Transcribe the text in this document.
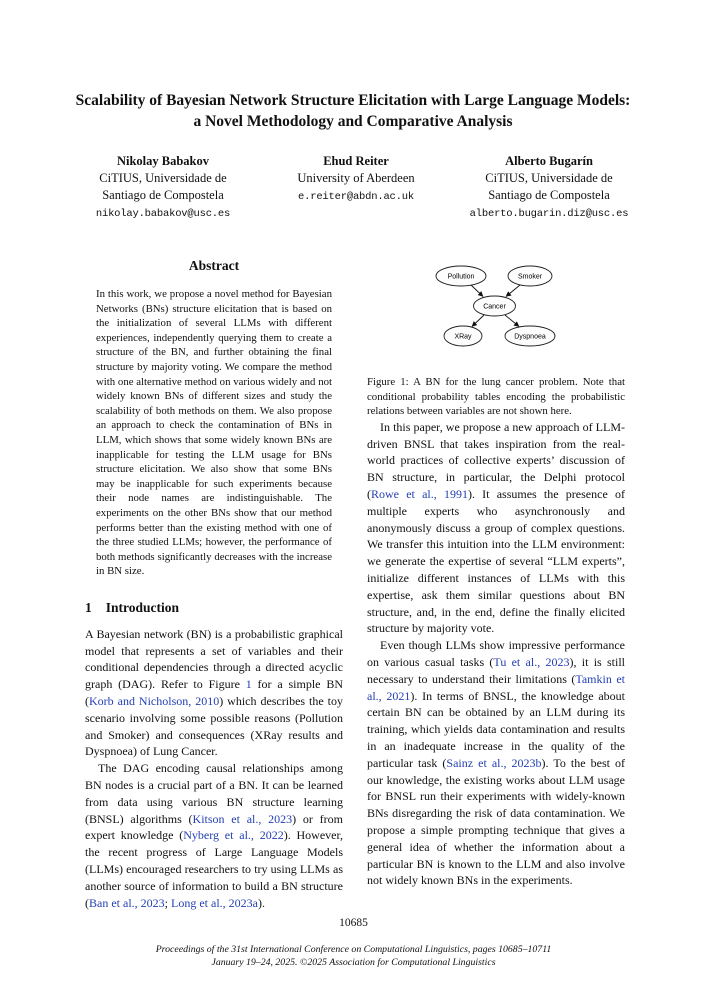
Scalability of Bayesian Network Structure Elicitation with Large Language Models: a Novel Methodology and Comparative Analysis
Nikolay Babakov
CiTIUS, Universidade de
Santiago de Compostela
nikolay.babakov@usc.es
Ehud Reiter
University of Aberdeen
e.reiter@abdn.ac.uk
Alberto Bugarín
CiTIUS, Universidade de
Santiago de Compostela
alberto.bugarin.diz@usc.es
Abstract
In this work, we propose a novel method for Bayesian Networks (BNs) structure elicitation that is based on the initialization of several LLMs with different experiences, independently querying them to create a structure of the BN, and further obtaining the final structure by majority voting. We compare the method with one alternative method on various widely and not widely known BNs of different sizes and study the scalability of both methods on them. We also propose an approach to check the contamination of BNs in LLM, which shows that some widely known BNs are inapplicable for testing the LLM usage for BNs structure elicitation. We also show that some BNs may be inapplicable for such experiments because their node names are indistinguishable. The experiments on the other BNs show that our method performs better than the existing method with one of the three studied LLMs; however, the performance of both methods significantly decreases with the increase in BN size.
1 Introduction

A Bayesian network (BN) is a probabilistic graphical model that represents a set of variables and their conditional dependencies through a directed acyclic graph (DAG). Refer to Figure 1 for a simple BN (Korb and Nicholson, 2010) which describes the toy scenario involving some possible reasons (Pollution and Smoker) and consequences (XRay results and Dyspnoea) of Lung Cancer.

The DAG encoding causal relationships among BN nodes is a crucial part of a BN. It can be learned from data using various BN structure learning (BNSL) algorithms (Kitson et al., 2023) or from expert knowledge (Nyberg et al., 2022). However, the recent progress of Large Language Models (LLMs) encouraged researchers to try using LLMs as another source of information to build a BN structure (Ban et al., 2023; Long et al., 2023a).

Pollution	Smoker
Cancer
XRay	Dyspnoea
Figure 1: A BN for the lung cancer problem. Note that conditional probability tables encoding the probabilistic relations between variables are not shown here.

In this paper, we propose a new approach of LLM-driven BNSL that takes inspiration from the real-world practices of collective experts’ discussion of BN structure, in particular, the Delphi protocol (Rowe et al., 1991). It assumes the presence of multiple experts who asynchronously and anonymously discuss a group of complex questions. We transfer this intuition into the LLM environment: we generate the expertise of several “LLM experts”, initialize different instances of LLMs with this expertise, ask them similar questions about BN structure, and, in the end, define the finally elicited structure by majority vote.

Even though LLMs show impressive performance on various casual tasks (Tu et al., 2023), it is still necessary to understand their limitations (Tamkin et al., 2021). In terms of BNSL, the knowledge about certain BN can be obtained by an LLM during its training, which yields data contamination and results in an inadequate increase in the quality of the particular task (Sainz et al., 2023b). To the best of our knowledge, the existing works about LLM usage for BNSL run their experiments with widely-known BNs disregarding the risk of data contamination. We propose a simple prompting technique that gives a general idea of whether the information about a particular BN is known to the LLM and also involve not widely known BNs in the experiments.

10685
Proceedings of the 31st International Conference on Computational Linguistics, pages 10685–10711
January 19–24, 2025. ©2025 Association for Computational Linguistics
